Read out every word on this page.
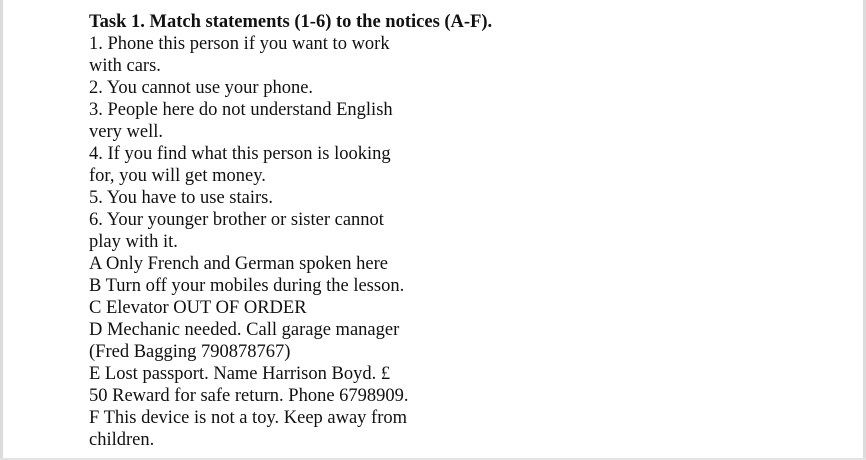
Task 1. Match statements (1-6) to the notices (A-F).

1. Phone this person if you want to work

with cars.

2. You cannot use your phone.

3. People here do not understand English

very well.

4. If you find what this person is looking

for, you will get money.

5. You have to use stairs.

6. Your younger brother or sister cannot

play with it.

A Only French and German spoken here

B Turn off your mobiles during the lesson.

C Elevator OUT OF ORDER

D Mechanic needed. Call garage manager

(Fred Bagging 790878767)

E Lost passport. Name Harrison Boyd. £

50 Reward for safe return. Phone 6798909.

F This device is not a toy. Keep away from

children.
